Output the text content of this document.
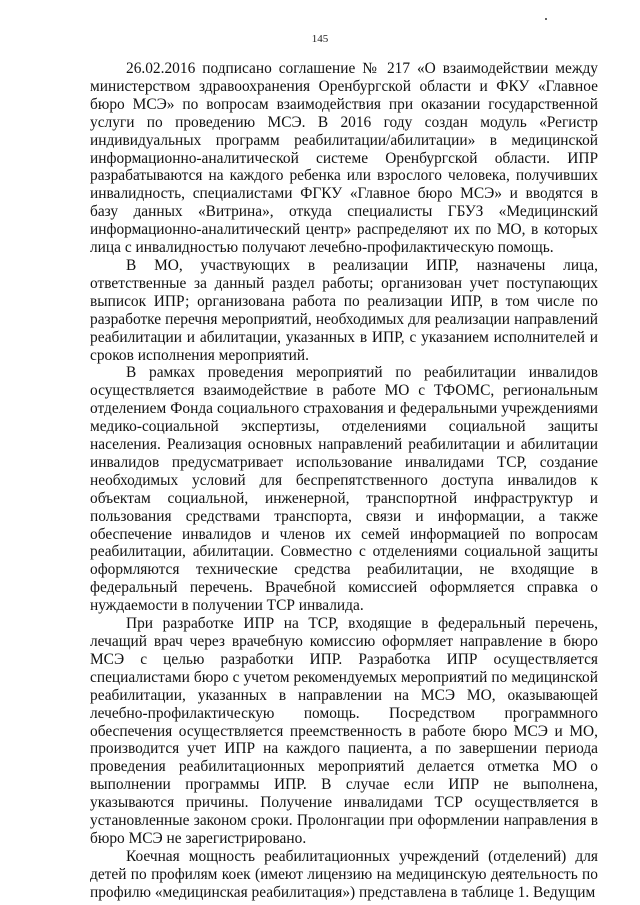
145

26.02.2016 подписано соглашение № 217 «О взаимодействии между министерством здравоохранения Оренбургской области и ФКУ «Главное бюро МСЭ» по вопросам взаимодействия при оказании государственной услуги по проведению МСЭ. В 2016 году создан модуль «Регистр индивидуальных программ реабилитации/абилитации» в медицинской информационно-аналитической системе Оренбургской области. ИПР разрабатываются на каждого ребенка или взрослого человека, получивших инвалидность, специалистами ФГКУ «Главное бюро МСЭ» и вводятся в базу данных «Витрина», откуда специалисты ГБУЗ «Медицинский информационно-аналитический центр» распределяют их по МО, в которых лица с инвалидностью получают лечебно-профилактическую помощь.

В МО, участвующих в реализации ИПР, назначены лица, ответственные за данный раздел работы; организован учет поступающих выписок ИПР; организована работа по реализации ИПР, в том числе по разработке перечня мероприятий, необходимых для реализации направлений реабилитации и абилитации, указанных в ИПР, с указанием исполнителей и сроков исполнения мероприятий.

В рамках проведения мероприятий по реабилитации инвалидов осуществляется взаимодействие в работе МО с ТФОМС, региональным отделением Фонда социального страхования и федеральными учреждениями медико-социальной экспертизы, отделениями социальной защиты населения. Реализация основных направлений реабилитации и абилитации инвалидов предусматривает использование инвалидами ТСР, создание необходимых условий для беспрепятственного доступа инвалидов к объектам социальной, инженерной, транспортной инфраструктур и пользования средствами транспорта, связи и информации, а также обеспечение инвалидов и членов их семей информацией по вопросам реабилитации, абилитации. Совместно с отделениями социальной защиты оформляются технические средства реабилитации, не входящие в федеральный перечень. Врачебной комиссией оформляется справка о нуждаемости в получении ТСР инвалида.

При разработке ИПР на ТСР, входящие в федеральный перечень, лечащий врач через врачебную комиссию оформляет направление в бюро МСЭ с целью разработки ИПР. Разработка ИПР осуществляется специалистами бюро с учетом рекомендуемых мероприятий по медицинской реабилитации, указанных в направлении на МСЭ МО, оказывающей лечебно-профилактическую помощь. Посредством программного обеспечения осуществляется преемственность в работе бюро МСЭ и МО, производится учет ИПР на каждого пациента, а по завершении периода проведения реабилитационных мероприятий делается отметка МО о выполнении программы ИПР. В случае если ИПР не выполнена, указываются причины. Получение инвалидами ТСР осуществляется в установленные законом сроки. Пролонгации при оформлении направления в бюро МСЭ не зарегистрировано.

Коечная мощность реабилитационных учреждений (отделений) для детей по профилям коек (имеют лицензию на медицинскую деятельность по профилю «медицинская реабилитация») представлена в таблице 1. Ведущим
